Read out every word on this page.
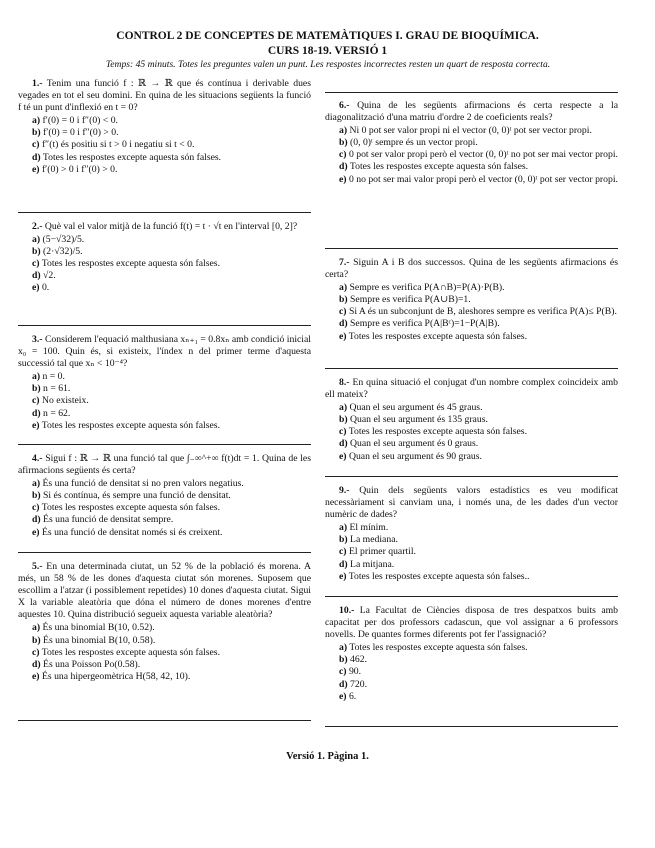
CONTROL 2 DE CONCEPTES DE MATEMÀTIQUES I. GRAU DE BIOQUÍMICA.
CURS 18-19. VERSIÓ 1
Temps: 45 minuts. Totes les preguntes valen un punt. Les respostes incorrectes resten un quart de resposta correcta.
1.- Tenim una funció f : ℝ → ℝ que és contínua i derivable dues vegades en tot el seu domini. En quina de les situacions següents la funció f té un punt d'inflexió en t = 0?
a) f′(0) = 0 i f″(0) < 0.
b) f′(0) = 0 i f″(0) > 0.
c) f″(t) és positiu si t > 0 i negatiu si t < 0.
d) Totes les respostes excepte aquesta són falses.
e) f′(0) > 0 i f″(0) > 0.
2.- Què val el valor mitjà de la funció f(t) = t · √t en l'interval [0, 2]?
a) (5−√32)/5.
b) (2·√32)/5.
c) Totes les respostes excepte aquesta són falses.
d) √2.
e) 0.
3.- Considerem l'equació malthusiana xₙ₊₁ = 0.8xₙ amb condició inicial x₀ = 100. Quin és, si existeix, l'índex n del primer terme d'aquesta successió tal que xₙ < 10⁻⁴?
a) n = 0.
b) n = 61.
c) No existeix.
d) n = 62.
e) Totes les respostes excepte aquesta són falses.
4.- Sigui f : ℝ → ℝ una funció tal que ∫₋∞^+∞ f(t)dt = 1. Quina de les afirmacions següents és certa?
a) És una funció de densitat si no pren valors negatius.
b) Si és contínua, és sempre una funció de densitat.
c) Totes les respostes excepte aquesta són falses.
d) És una funció de densitat sempre.
e) És una funció de densitat només si és creixent.
5.- En una determinada ciutat, un 52 % de la població és morena. A més, un 58 % de les dones d'aquesta ciutat són morenes. Suposem que escollim a l'atzar (i possiblement repetides) 10 dones d'aquesta ciutat. Sigui X la variable aleatòria que dóna el número de dones morenes d'entre aquestes 10. Quina distribució segueix aquesta variable aleatòria?
a) És una binomial B(10, 0.52).
b) És una binomial B(10, 0.58).
c) Totes les respostes excepte aquesta són falses.
d) És una Poisson Po(0.58).
e) És una hipergeomètrica H(58, 42, 10).
6.- Quina de les següents afirmacions és certa respecte a la diagonalització d'una matriu d'ordre 2 de coeficients reals?
a) Ni 0 pot ser valor propi ni el vector (0, 0)ᵗ pot ser vector propi.
b) (0, 0)ᵗ sempre és un vector propi.
c) 0 pot ser valor propi però el vector (0, 0)ᵗ no pot ser mai vector propi.
d) Totes les respostes excepte aquesta són falses.
e) 0 no pot ser mai valor propi però el vector (0, 0)ᵗ pot ser vector propi.
7.- Siguin A i B dos successos. Quina de les següents afirmacions és certa?
a) Sempre es verifica P(A∩B)=P(A)·P(B).
b) Sempre es verifica P(A∪B)=1.
c) Si A és un subconjunt de B, aleshores sempre es verifica P(A)≤ P(B).
d) Sempre es verifica P(A|Bᶜ)=1−P(A|B).
e) Totes les respostes excepte aquesta són falses.
8.- En quina situació el conjugat d'un nombre complex coincideix amb ell mateix?
a) Quan el seu argument és 45 graus.
b) Quan el seu argument és 135 graus.
c) Totes les respostes excepte aquesta són falses.
d) Quan el seu argument és 0 graus.
e) Quan el seu argument és 90 graus.
9.- Quin dels següents valors estadístics es veu modificat necessàriament si canviam una, i només una, de les dades d'un vector numèric de dades?
a) El mínim.
b) La mediana.
c) El primer quartil.
d) La mitjana.
e) Totes les respostes excepte aquesta són falses..
10.- La Facultat de Ciències disposa de tres despatxos buits amb capacitat per dos professors cadascun, que vol assignar a 6 professors novells. De quantes formes diferents pot fer l'assignació?
a) Totes les respostes excepte aquesta són falses.
b) 462.
c) 90.
d) 720.
e) 6.
Versió 1. Pàgina 1.
